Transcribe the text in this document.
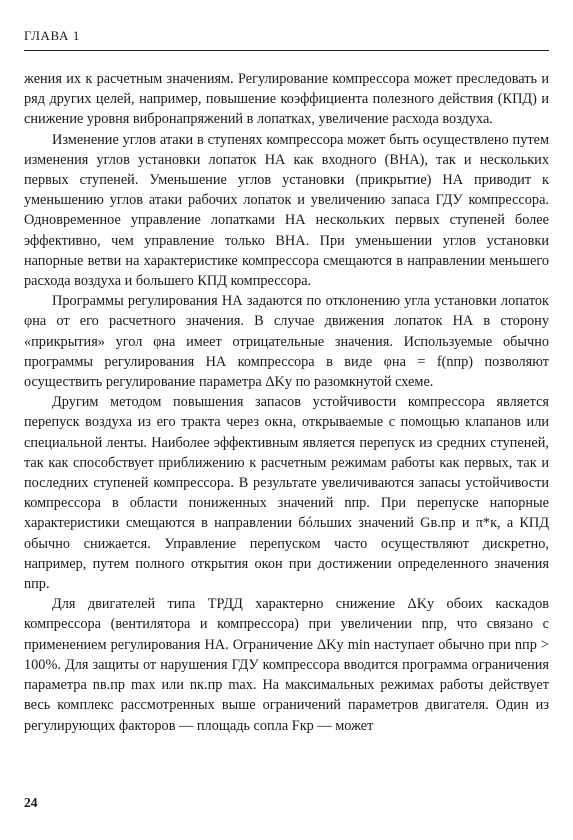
ГЛАВА 1

жения их к расчетным значениям. Регулирование компрессора может преследовать и ряд других целей, например, повышение коэффициента полезного действия (КПД) и снижение уровня вибронапряжений в лопатках, увеличение расхода воздуха.

Изменение углов атаки в ступенях компрессора может быть осуществлено путем изменения углов установки лопаток НА как входного (ВНА), так и нескольких первых ступеней. Уменьшение углов установки (прикрытие) НА приводит к уменьшению углов атаки рабочих лопаток и увеличению запаса ГДУ компрессора. Одновременное управление лопатками НА нескольких первых ступеней более эффективно, чем управление только ВНА. При уменьшении углов установки напорные ветви на характеристике компрессора смещаются в направлении меньшего расхода воздуха и большего КПД компрессора.

Программы регулирования НА задаются по отклонению угла установки лопаток φна от его расчетного значения. В случае движения лопаток НА в сторону «прикрытия» угол φна имеет отрицательные значения. Используемые обычно программы регулирования НА компрессора в виде φна = f(nпр) позволяют осуществить регулирование параметра ΔKу по разомкнутой схеме.

Другим методом повышения запасов устойчивости компрессора является перепуск воздуха из его тракта через окна, открываемые с помощью клапанов или специальной ленты. Наиболее эффективным является перепуск из средних ступеней, так как способствует приближению к расчетным режимам работы как первых, так и последних ступеней компрессора. В результате увеличиваются запасы устойчивости компрессора в области пониженных значений nпр. При перепуске напорные характеристики смещаются в направлении бóльших значений Gв.пр и π*к, а КПД обычно снижается. Управление перепуском часто осуществляют дискретно, например, путем полного открытия окон при достижении определенного значения nпр.

Для двигателей типа ТРДД характерно снижение ΔKу обоих каскадов компрессора (вентилятора и компрессора) при увеличении nпр, что связано с применением регулирования НА. Ограничение ΔKу min наступает обычно при nпр > 100%. Для защиты от нарушения ГДУ компрессора вводится программа ограничения параметра nв.пр max или nк.пр max. На максимальных режимах работы действует весь комплекс рассмотренных выше ограничений параметров двигателя. Один из регулирующих факторов — площадь сопла Fкр — может

24
